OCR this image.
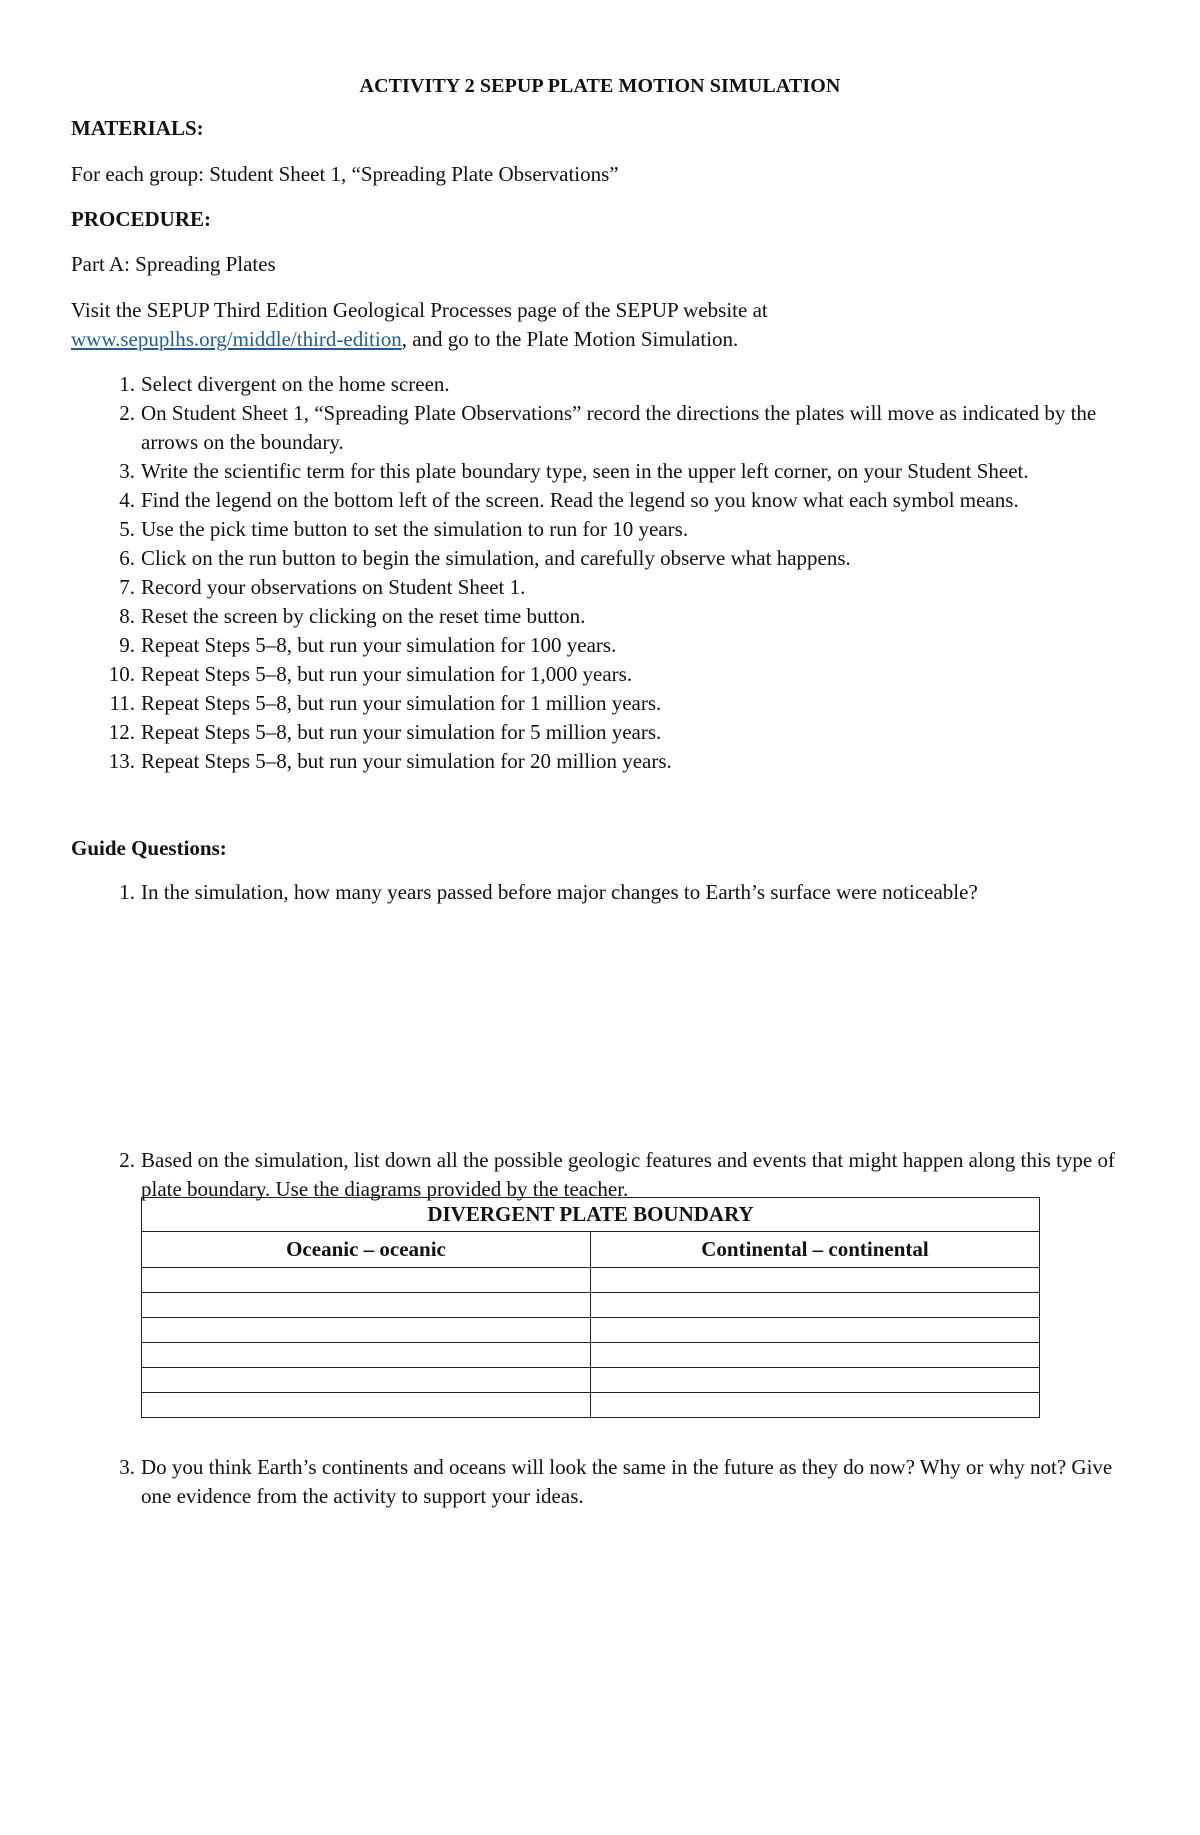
ACTIVITY 2 SEPUP PLATE MOTION SIMULATION
MATERIALS:
For each group: Student Sheet 1, “Spreading Plate Observations”
PROCEDURE:
Part A: Spreading Plates
Visit the SEPUP Third Edition Geological Processes page of the SEPUP website at
www.sepuplhs.org/middle/third-edition, and go to the Plate Motion Simulation.
1. Select divergent on the home screen.
2. On Student Sheet 1, “Spreading Plate Observations” record the directions the plates will move as indicated by the arrows on the boundary.
3. Write the scientific term for this plate boundary type, seen in the upper left corner, on your Student Sheet.
4. Find the legend on the bottom left of the screen. Read the legend so you know what each symbol means.
5. Use the pick time button to set the simulation to run for 10 years.
6. Click on the run button to begin the simulation, and carefully observe what happens.
7. Record your observations on Student Sheet 1.
8. Reset the screen by clicking on the reset time button.
9. Repeat Steps 5–8, but run your simulation for 100 years.
10. Repeat Steps 5–8, but run your simulation for 1,000 years.
11. Repeat Steps 5–8, but run your simulation for 1 million years.
12. Repeat Steps 5–8, but run your simulation for 5 million years.
13. Repeat Steps 5–8, but run your simulation for 20 million years.
Guide Questions:
1. In the simulation, how many years passed before major changes to Earth’s surface were noticeable?
2. Based on the simulation, list down all the possible geologic features and events that might happen along this type of plate boundary. Use the diagrams provided by the teacher.
DIVERGENT PLATE BOUNDARY	
Oceanic – oceanic	Continental – continental

3. Do you think Earth’s continents and oceans will look the same in the future as they do now? Why or why not? Give one evidence from the activity to support your ideas.
